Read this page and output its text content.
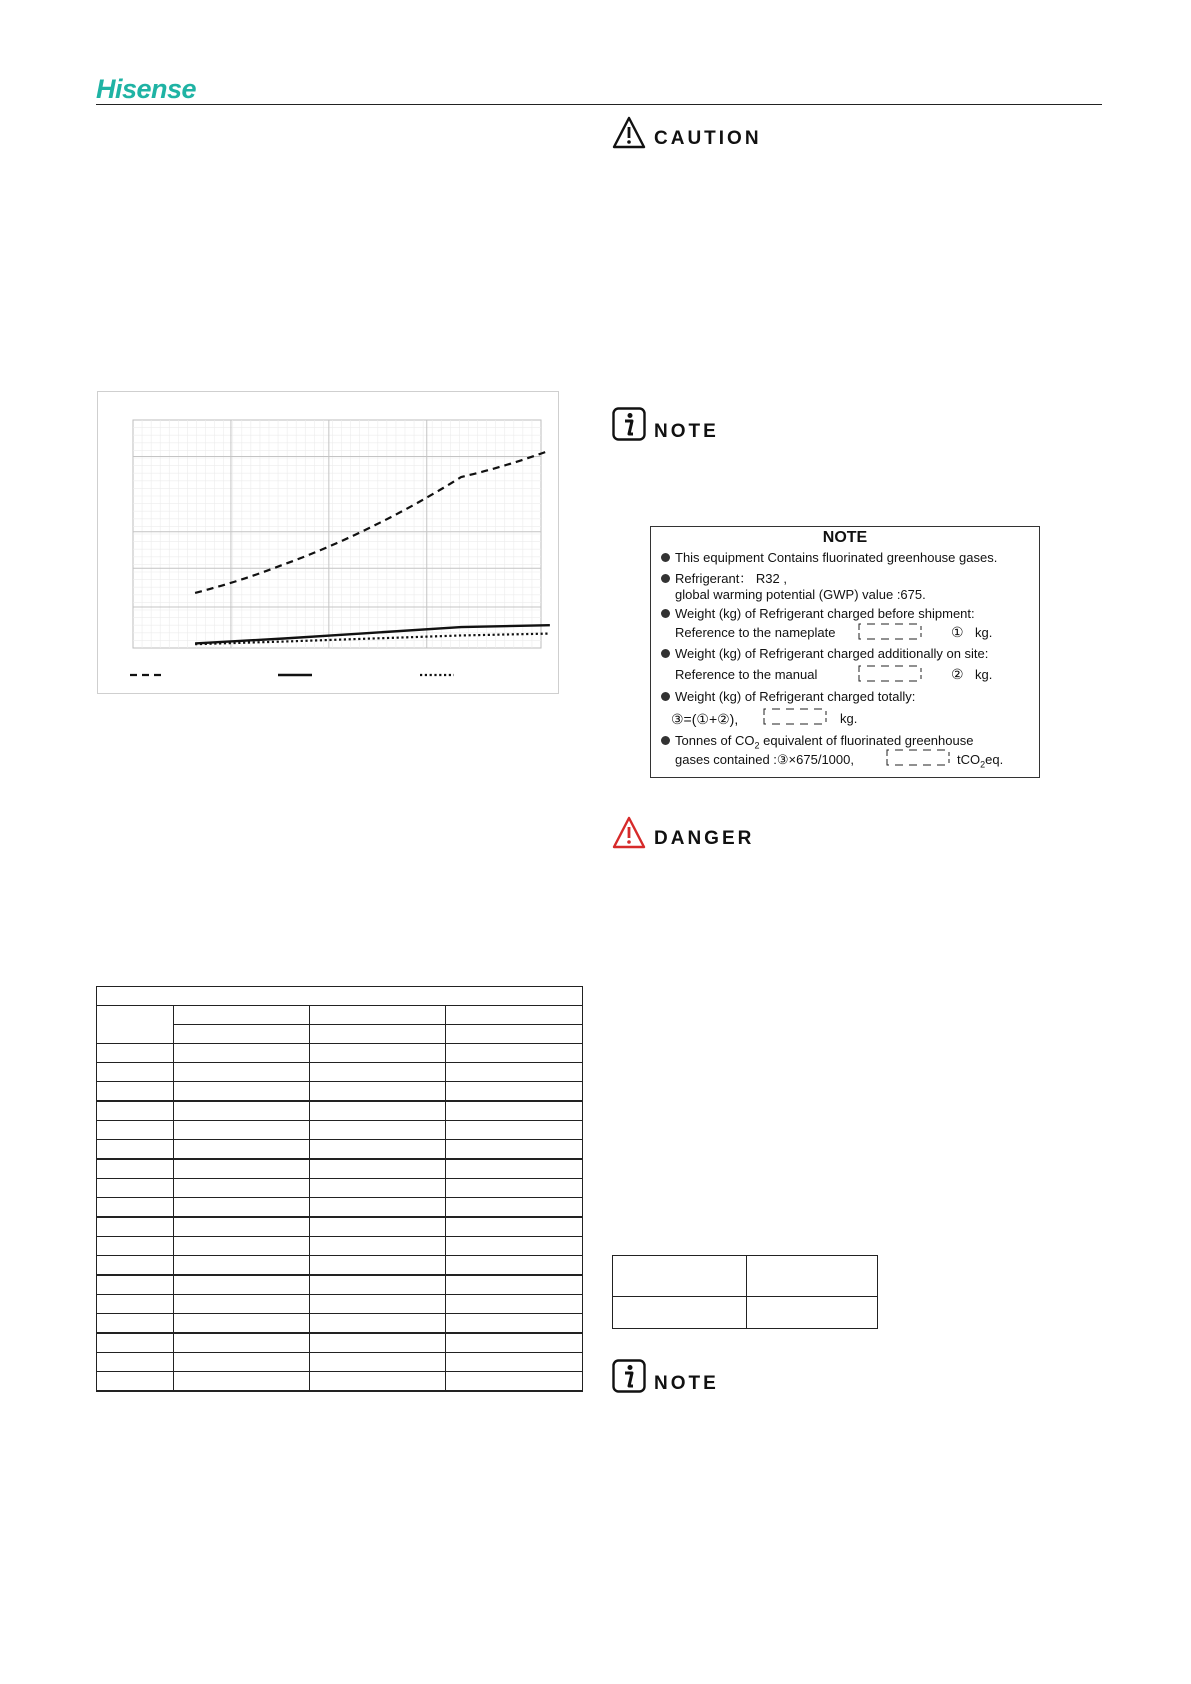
Hisense
CAUTION
NOTE
NOTE
This equipment Contains fluorinated greenhouse gases.
Refrigerant： R32 ,
global warming potential (GWP) value :675.
Weight (kg) of Refrigerant charged before shipment:
Reference to the nameplate	① kg.
Weight (kg) of Refrigerant charged additionally on site:
Reference to the manual	② kg.
Weight (kg) of Refrigerant charged totally:
③=(①+②),	kg.
Tonnes of $CO_2$ equivalent of fluorinated greenhouse
gases contained :③×675/1000,	tCO$_2$eq.
DANGER

NOTE
